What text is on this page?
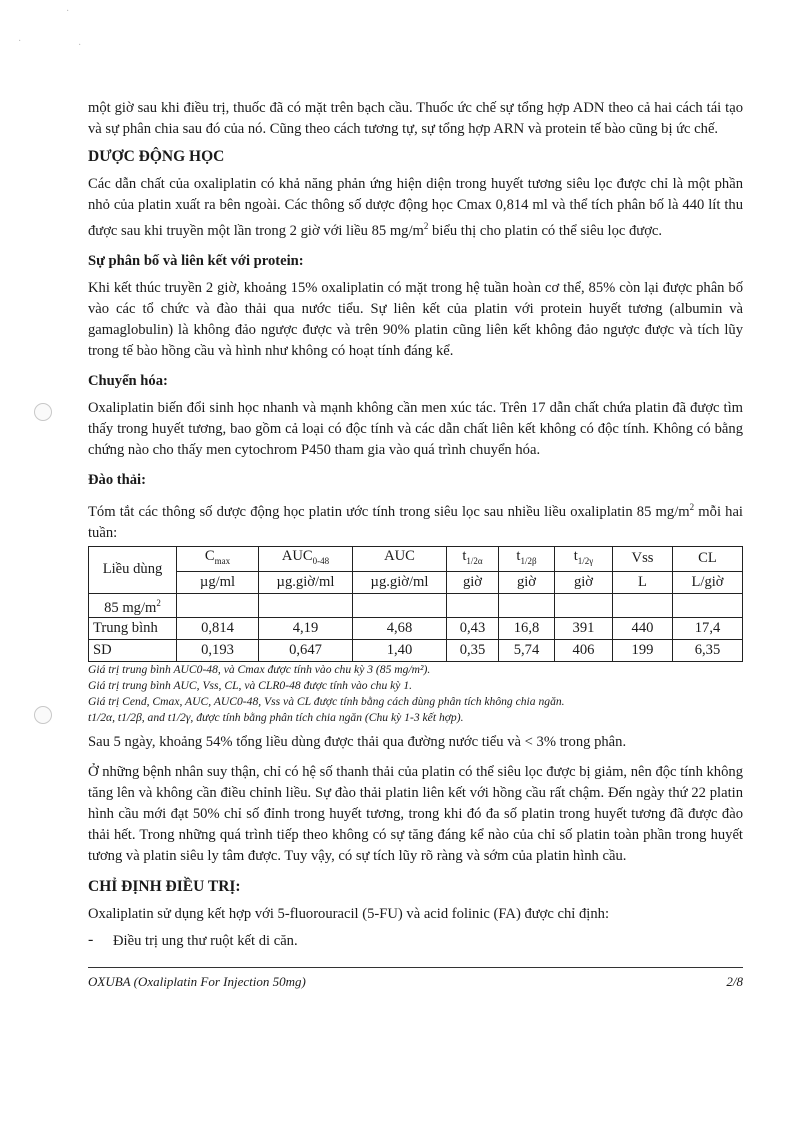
·
·
·

một giờ sau khi điều trị, thuốc đã có mặt trên bạch cầu. Thuốc ức chế sự tổng hợp ADN theo cả hai cách tái tạo và sự phân chia sau đó của nó. Cũng theo cách tương tự, sự tổng hợp ARN và protein tế bào cũng bị ức chế.

DƯỢC ĐỘNG HỌC

Các dẫn chất của oxaliplatin có khả năng phản ứng hiện diện trong huyết tương siêu lọc được chỉ là một phần nhỏ của platin xuất ra bên ngoài. Các thông số dược động học Cmax 0,814 ml và thể tích phân bố là 440 lít thu được sau khi truyền một lần trong 2 giờ với liều 85 $mg/m^2$ biểu thị cho platin có thể siêu lọc được.

Sự phân bố và liên kết với protein:

Khi kết thúc truyền 2 giờ, khoảng 15% oxaliplatin có mặt trong hệ tuần hoàn cơ thể, 85% còn lại được phân bố vào các tổ chức và đào thải qua nước tiểu. Sự liên kết của platin với protein huyết tương (albumin và gamaglobulin) là không đảo ngược được và trên 90% platin cũng liên kết không đảo ngược được và tích lũy trong tế bào hồng cầu và hình như không có hoạt tính đáng kể.

Chuyển hóa:

Oxaliplatin biến đổi sinh học nhanh và mạnh không cần men xúc tác. Trên 17 dẫn chất chứa platin đã được tìm thấy trong huyết tương, bao gồm cả loại có độc tính và các dẫn chất liên kết không có độc tính. Không có bằng chứng nào cho thấy men cytochrom P450 tham gia vào quá trình chuyển hóa.

Đào thải:

Tóm tắt các thông số dược động học platin ước tính trong siêu lọc sau nhiều liều oxaliplatin 85 $mg/m^2$ mỗi hai tuần:

Liều dùng	$C_{max}$	$AUC_{0-48}$	AUC	$t_{1/2\alpha}$	$t_{1/2\beta}$	$t_{1/2\gamma}$	Vss	CL
	µg/ml	µg.giờ/ml	µg.giờ/ml	giờ	giờ	giờ	L	L/giờ
85 $mg/m^2$								
Trung bình	0,814	4,19	4,68	0,43	16,8	391	440	17,4
SD	0,193	0,647	1,40	0,35	5,74	406	199	6,35

Giá trị trung bình AUC0-48, và Cmax được tính vào chu kỳ 3 (85 mg/m²).

Giá trị trung bình AUC, Vss, CL, và CLR0-48 được tính vào chu kỳ 1.

Giá trị Cend, Cmax, AUC, AUC0-48, Vss và CL được tính bằng cách dùng phân tích không chia ngăn.

t1/2α, t1/2β, and t1/2γ, được tính bằng phân tích chia ngăn (Chu kỳ 1-3 kết hợp).

Sau 5 ngày, khoảng 54% tổng liều dùng được thải qua đường nước tiểu và < 3% trong phân.

Ở những bệnh nhân suy thận, chỉ có hệ số thanh thải của platin có thể siêu lọc được bị giảm, nên độc tính không tăng lên và không cần điều chỉnh liều. Sự đào thải platin liên kết với hồng cầu rất chậm. Đến ngày thứ 22 platin hình cầu mới đạt 50% chỉ số đỉnh trong huyết tương, trong khi đó đa số platin trong huyết tương đã được đào thải hết. Trong những quá trình tiếp theo không có sự tăng đáng kể nào của chỉ số platin toàn phần trong huyết tương và platin siêu ly tâm được. Tuy vậy, có sự tích lũy rõ ràng và sớm của platin hình cầu.

CHỈ ĐỊNH ĐIỀU TRỊ:

Oxaliplatin sử dụng kết hợp với 5-fluorouracil (5-FU) và acid folinic (FA) được chỉ định:

-	Điều trị ung thư ruột kết di căn.

OXUBA (Oxaliplatin For Injection 50mg)	2/8
